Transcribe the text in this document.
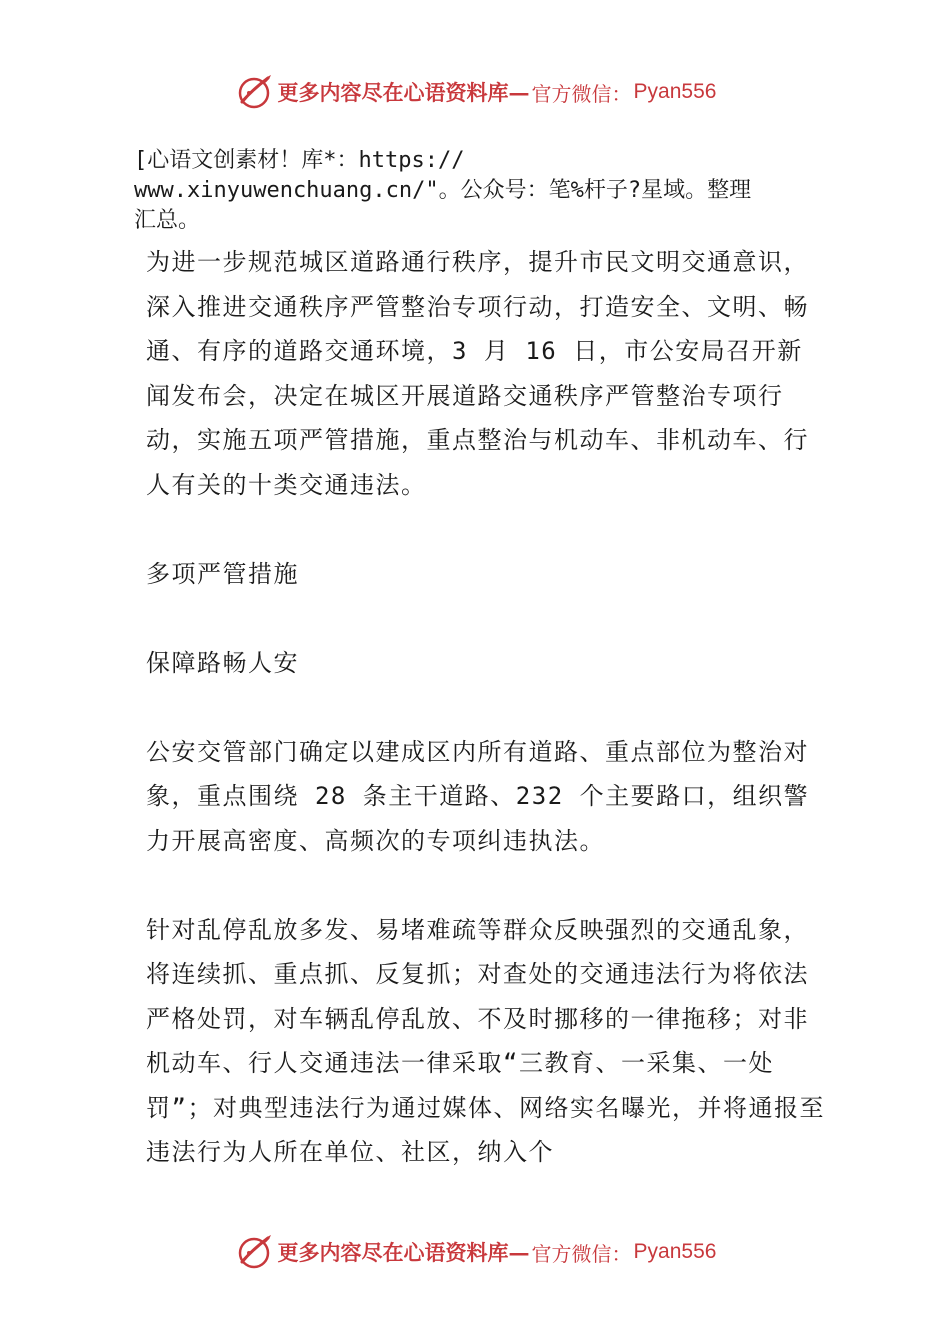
更多内容尽在心语资料库 — 官方微信： Pyan556
[心语文创素材！库*：https://
www.xinyuwenchuang.cn/"。公众号：笔%杆子?星域。整理
汇总。

为进一步规范城区道路通行秩序，提升市民文明交通意识，深入推进交通秩序严管整治专项行动，打造安全、文明、畅通、有序的道路交通环境，3 月 16 日，市公安局召开新闻发布会，决定在城区开展道路交通秩序严管整治专项行动，实施五项严管措施，重点整治与机动车、非机动车、行人有关的十类交通违法。

多项严管措施

保障路畅人安

公安交管部门确定以建成区内所有道路、重点部位为整治对象，重点围绕 28 条主干道路、232 个主要路口，组织警力开展高密度、高频次的专项纠违执法。

针对乱停乱放多发、易堵难疏等群众反映强烈的交通乱象，将连续抓、重点抓、反复抓；对查处的交通违法行为将依法严格处罚，对车辆乱停乱放、不及时挪移的一律拖移；对非机动车、行人交通违法一律采取“三教育、一采集、一处罚”；对典型违法行为通过媒体、网络实名曝光，并将通报至违法行为人所在单位、社区，纳入个

更多内容尽在心语资料库 — 官方微信： Pyan556
